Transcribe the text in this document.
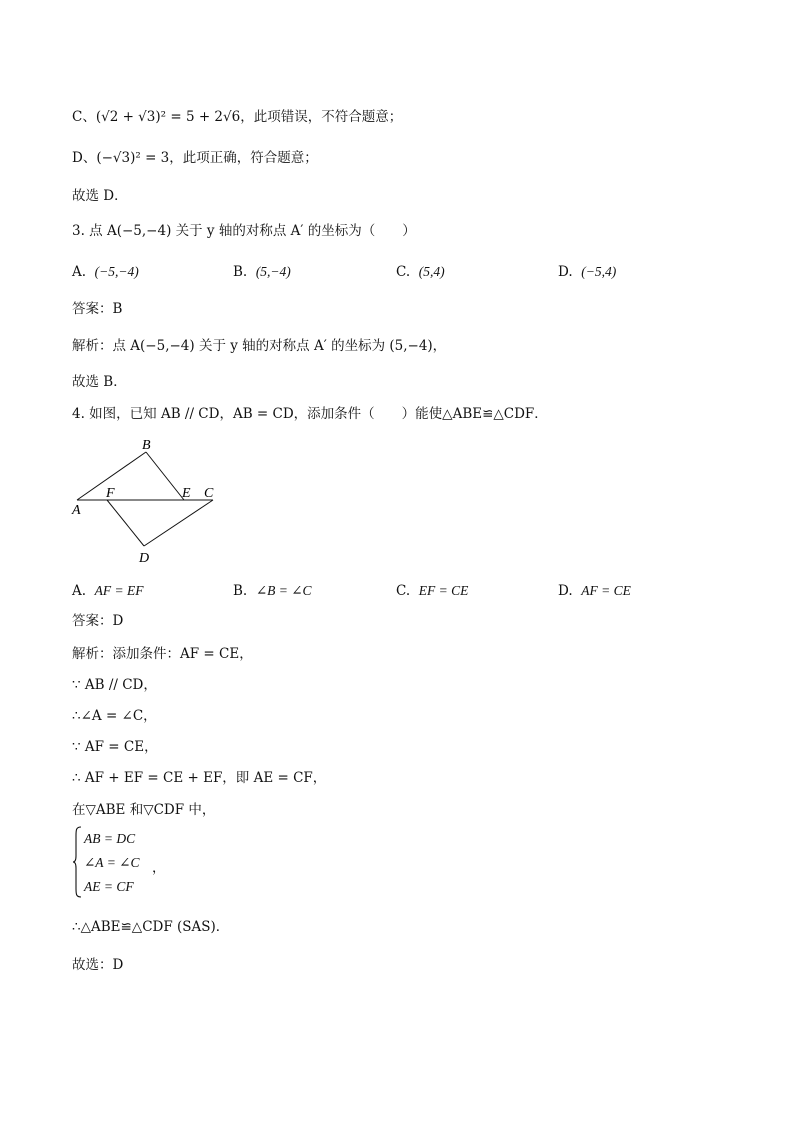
C、(√2 + √3)² = 5 + 2√6，此项错误，不符合题意；
D、(−√3)² = 3，此项正确，符合题意；
故选 D．
3. 点 A(−5,−4) 关于 y 轴的对称点 A′ 的坐标为（　　）
A. (−5,−4)	B. (5,−4)	C. (5,4)	D. (−5,4)
答案：B
解析：点 A(−5,−4) 关于 y 轴的对称点 A′ 的坐标为 (5,−4)，
故选 B．
4. 如图，已知 AB // CD，AB = CD，添加条件（　　）能使△ABE≌△CDF．
B
A
F	E C
D
A. AF = EF	B. ∠B = ∠C	C. EF = CE	D. AF = CE
答案：D
解析：添加条件：AF = CE，
∵ AB // CD，
∴∠A = ∠C，
∵ AF = CE，
∴ AF + EF = CE + EF，即 AE = CF，
在▽ABE 和▽CDF 中，
AB = DC
∠A = ∠C
AE = CF
，
∴△ABE≌△CDF (SAS)．
故选：D
